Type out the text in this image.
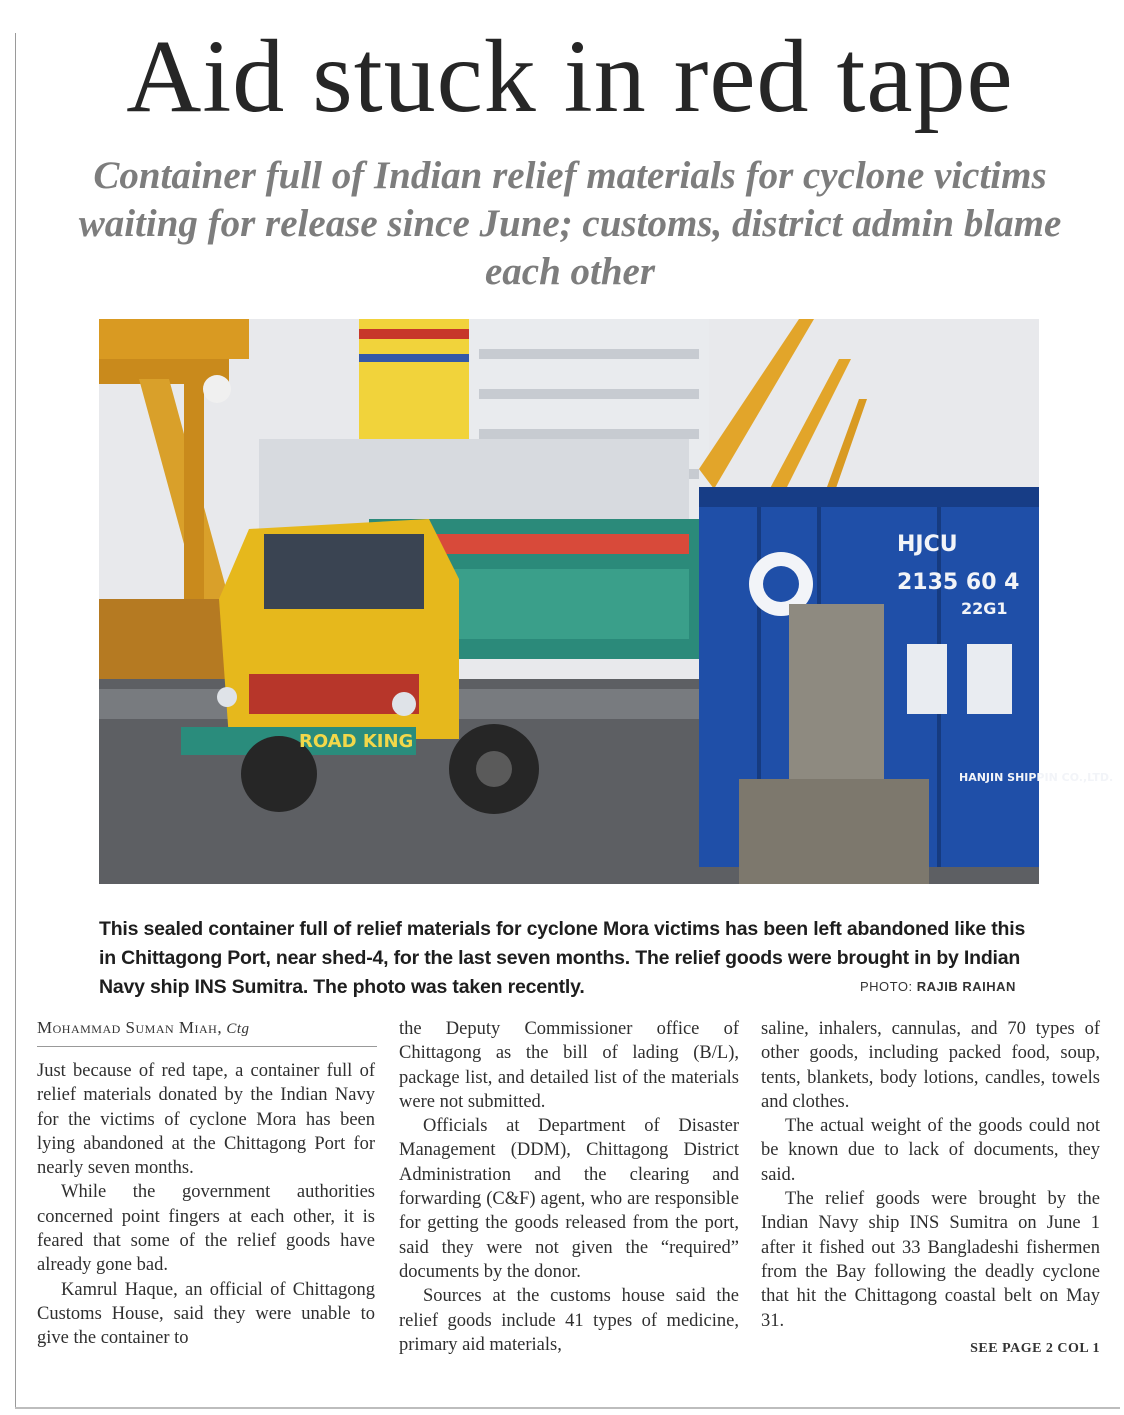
Aid stuck in red tape
Container full of Indian relief materials for cyclone victims waiting for release since June; customs, district admin blame each other
ROAD KING
HJCU
2135 60 4
22G1
HANJIN SHIPPIN CO.,LTD.

This sealed container full of relief materials for cyclone Mora victims has been left abandoned like this in Chittagong Port, near shed-4, for the last seven months. The relief goods were brought in by Indian Navy ship INS Sumitra. The photo was taken recently.	PHOTO: RAJIB RAIHAN
Mohammad Suman Miah, Ctg

Just because of red tape, a container full of relief materials donated by the Indian Navy for the victims of cyclone Mora has been lying abandoned at the Chittagong Port for nearly seven months.

While the government authorities concerned point fingers at each other, it is feared that some of the relief goods have already gone bad.

Kamrul Haque, an official of Chittagong Customs House, said they were unable to give the container to

the Deputy Commissioner office of Chittagong as the bill of lading (B/L), package list, and detailed list of the materials were not submitted.

Officials at Department of Disaster Management (DDM), Chittagong District Administration and the clearing and forwarding (C&F) agent, who are responsible for getting the goods released from the port, said they were not given the “required” documents by the donor.

Sources at the customs house said the relief goods include 41 types of medicine, primary aid materials,

saline, inhalers, cannulas, and 70 types of other goods, including packed food, soup, tents, blankets, body lotions, candles, towels and clothes.

The actual weight of the goods could not be known due to lack of documents, they said.

The relief goods were brought by the Indian Navy ship INS Sumitra on June 1 after it fished out 33 Bangladeshi fishermen from the Bay following the deadly cyclone that hit the Chittagong coastal belt on May 31.

SEE PAGE 2 COL 1
